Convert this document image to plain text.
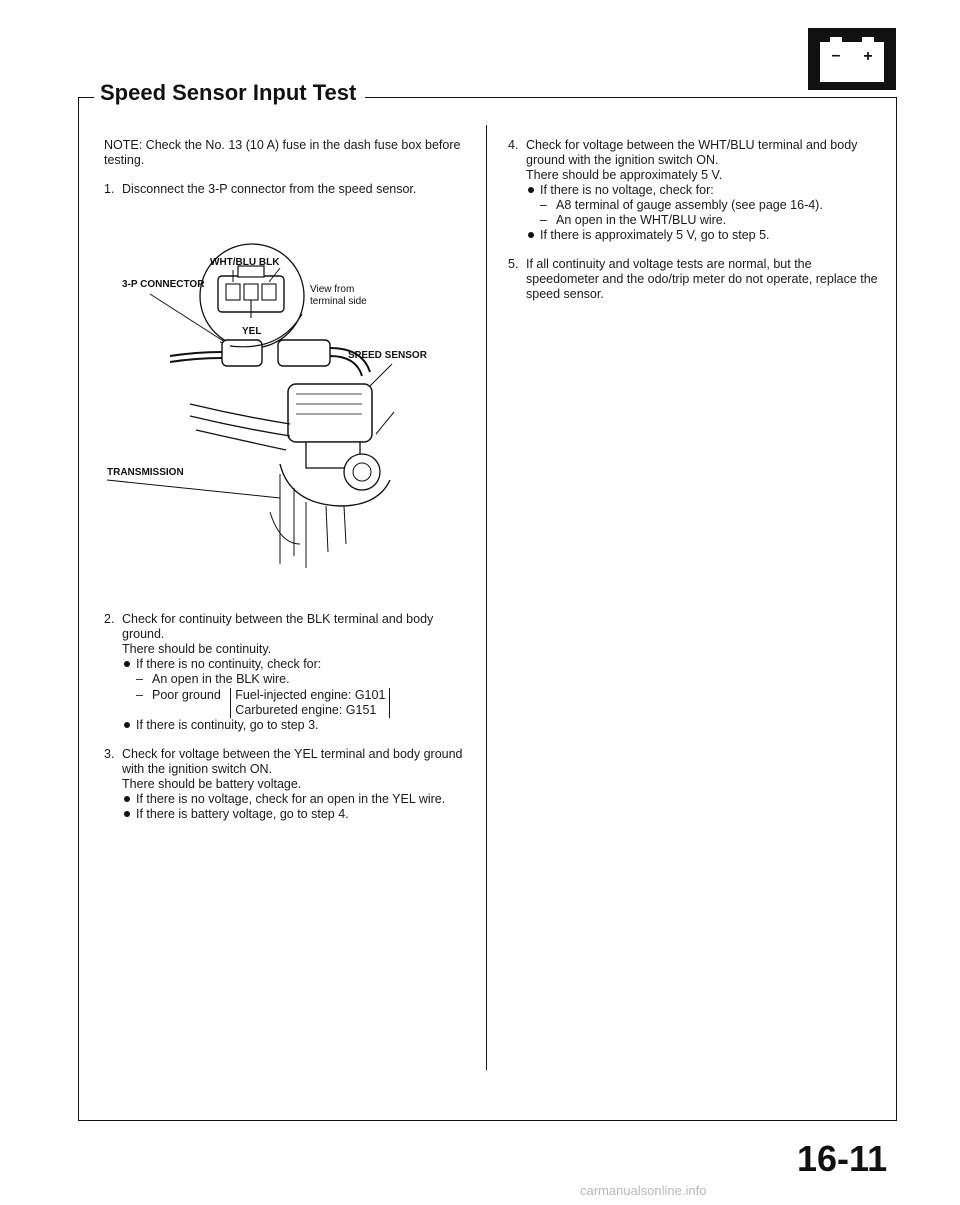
– +
Speed Sensor Input Test

NOTE: Check the No. 13 (10 A) fuse in the dash fuse box before testing.

1. Disconnect the 3-P connector from the speed sensor.

WHT/BLU BLK
YEL
View from
terminal side
3-P CONNECTOR
SPEED SENSOR
TRANSMISSION
2. Check for continuity between the BLK terminal and body ground.

There should be continuity.

If there is no continuity, check for:

– An open in the BLK wire.

– Poor ground Fuel-injected engine: G101
Carbureted engine: G151

If there is continuity, go to step 3.

3. Check for voltage between the YEL terminal and body ground with the ignition switch ON.

There should be battery voltage.

If there is no voltage, check for an open in the YEL wire.

If there is battery voltage, go to step 4.

4. Check for voltage between the WHT/BLU terminal and body ground with the ignition switch ON.

There should be approximately 5 V.

If there is no voltage, check for:

– A8 terminal of gauge assembly (see page 16-4).

– An open in the WHT/BLU wire.

If there is approximately 5 V, go to step 5.

5. If all continuity and voltage tests are normal, but the speedometer and the odo/trip meter do not operate, replace the speed sensor.

16-11

carmanualsonline.info
